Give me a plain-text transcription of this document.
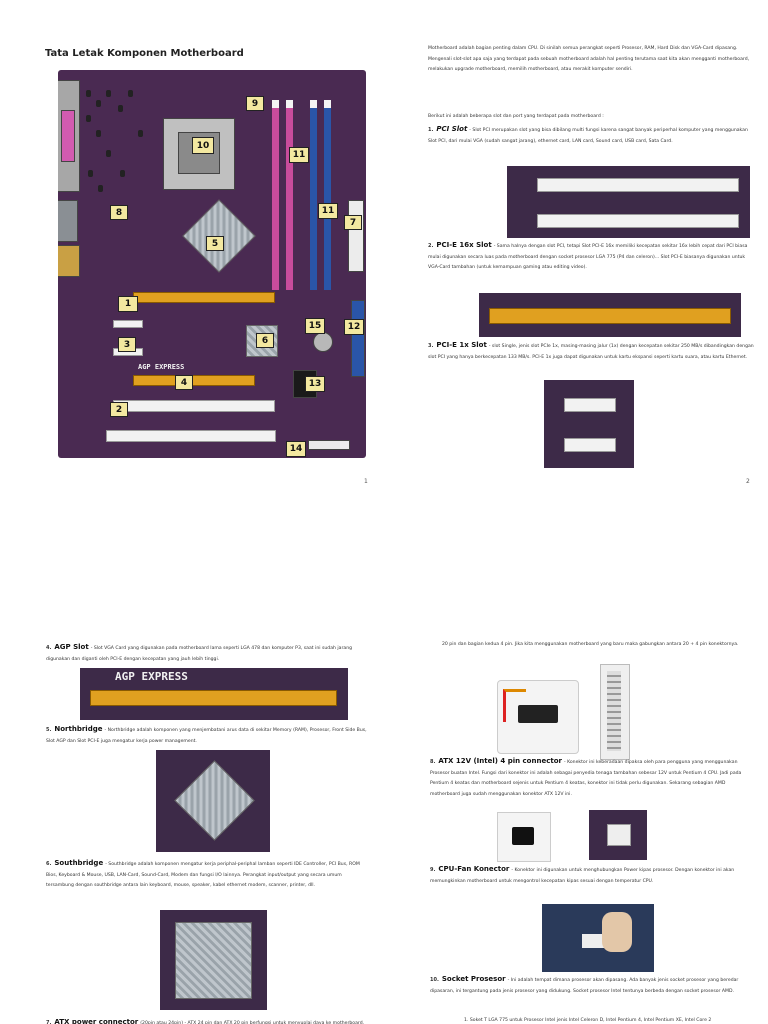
Tata Letak Komponen Motherboard
AGP EXPRESS
1
2
3
4
5
6
7
8
9
10
11
11
12
13
14
15
1
Motherboard adalah bagian penting dalam CPU. Di sinilah semua perangkat seperti Prosesor, RAM, Hard Disk dan VGA-Card dipasang. Mengenali slot-slot apa saja yang terdapat pada sebuah motherboard adalah hal penting terutama saat kita akan mengganti motherboard, melakukan upgrade motherboard, memilih motherboard, atau merakit komputer sendiri.
Berikut ini adalah beberapa slot dan port yang terdapat pada motherboard :
1. PCI Slot - Slot PCI merupakan slot yang bisa dibilang multi fungsi karena sangat banyak periperhal komputer yang menggunakan Slot PCI, dari mulai VGA (sudah sangat jarang), ethernet card, LAN card, Sound card, USB card, Sata Card.
2. PCI-E 16x Slot - Sama halnya dengan slot PCI, tetapi Slot PCI-E 16x memiliki kecepatan sekitar 16x lebih cepat dari PCI biasa mulai digunakan secara luas pada motherboard dengan socket prosesor LGA 775 (P4 dan celeron)... Slot PCI-E biasanya digunakan untuk VGA-Card tambahan (untuk kemampuan gaming atau editing video).
3. PCI-E 1x Slot - slot Single, jenis slot PCIe 1x, masing-masing jalur (1x) dengan kecepatan sekitar 250 MB/s dibandingkan dengan slot PCI yang hanya berkecepatan 133 MB/s. PCI-E 1x juga dapat digunakan untuk kartu ekspansi seperti kartu suara, atau kartu Ethernet.
2
4. AGP Slot - Slot VGA Card yang digunakan pada motherboard lama seperti LGA 478 dan komputer P3, saat ini sudah jarang digunakan dan diganti oleh PCI-E dengan kecepatan yang jauh lebih tinggi.
AGP EXPRESS
5. Northbridge - Northbridge adalah komponen yang menjembatani arus data di sekitar Memory (RAM), Prosesor, Front Side Bus, Slot AGP dan Slot PCI-E juga mengatur kerja power management.
6. Southbridge - Southbridge adalah komponen mengatur kerja periphal-periphal lamban seperti IDE Controller, PCI Bus, ROM Bios, Keyboard & Mouse, USB, LAN-Card, Sound-Card, Modem dan fungsi I/O lainnya. Perangkat input/output yang secara umum tersambung dengan southbridge antara lain keyboard, mouse, speaker, kabel ethernet modem, scanner, printer, dll.
7. ATX power connector (20pin atau 24pin) - ATX 24 pin dan ATX 20 pin berfungsi untuk menyuplai daya ke motherboard.
20 pin dan bagian kedua 4 pin. Jika kita menggunakan motherboard yang baru maka gabungkan antara 20 + 4 pin konektornya.
8. ATX 12V (Intel) 4 pin connector - Konektor ini keberadaan dipaksa oleh para pengguna yang menggunakan Prosesor buatan Intel. Fungsi dari konektor ini adalah sebagai penyedia tenaga tambahan sebesar 12V untuk Pentium 4 CPU. Jadi pada Pentium 4 keatas dan motherboard sejenis untuk Pentium 4 keatas, konektor ini tidak perlu digunakan. Sekarang sebagian AMD motherboard juga sudah menggunakan konektor ATX 12V ini.
9. CPU-Fan Konector - Konektor ini digunakan untuk menghubungkan Power kipas prosesor. Dengan konektor ini akan memungkinkan motherboard untuk mengontrol kecepatan kipas sesuai dengan temperatur CPU.
10. Socket Prosesor - Ini adalah tempat dimana prosesor akan dipasang. Ada banyak jenis socket prosesor yang beredar dipasaran, ini tergantung pada jenis prosesor yang didukung. Socket prosesor Intel tentunya berbeda dengan socket prosesor AMD.
1. Soket T LGA 775 untuk Prosesor Intel jenis Intel Celeron D, Intel Pentium 4, Intel Pentium XE, Intel Core 2
